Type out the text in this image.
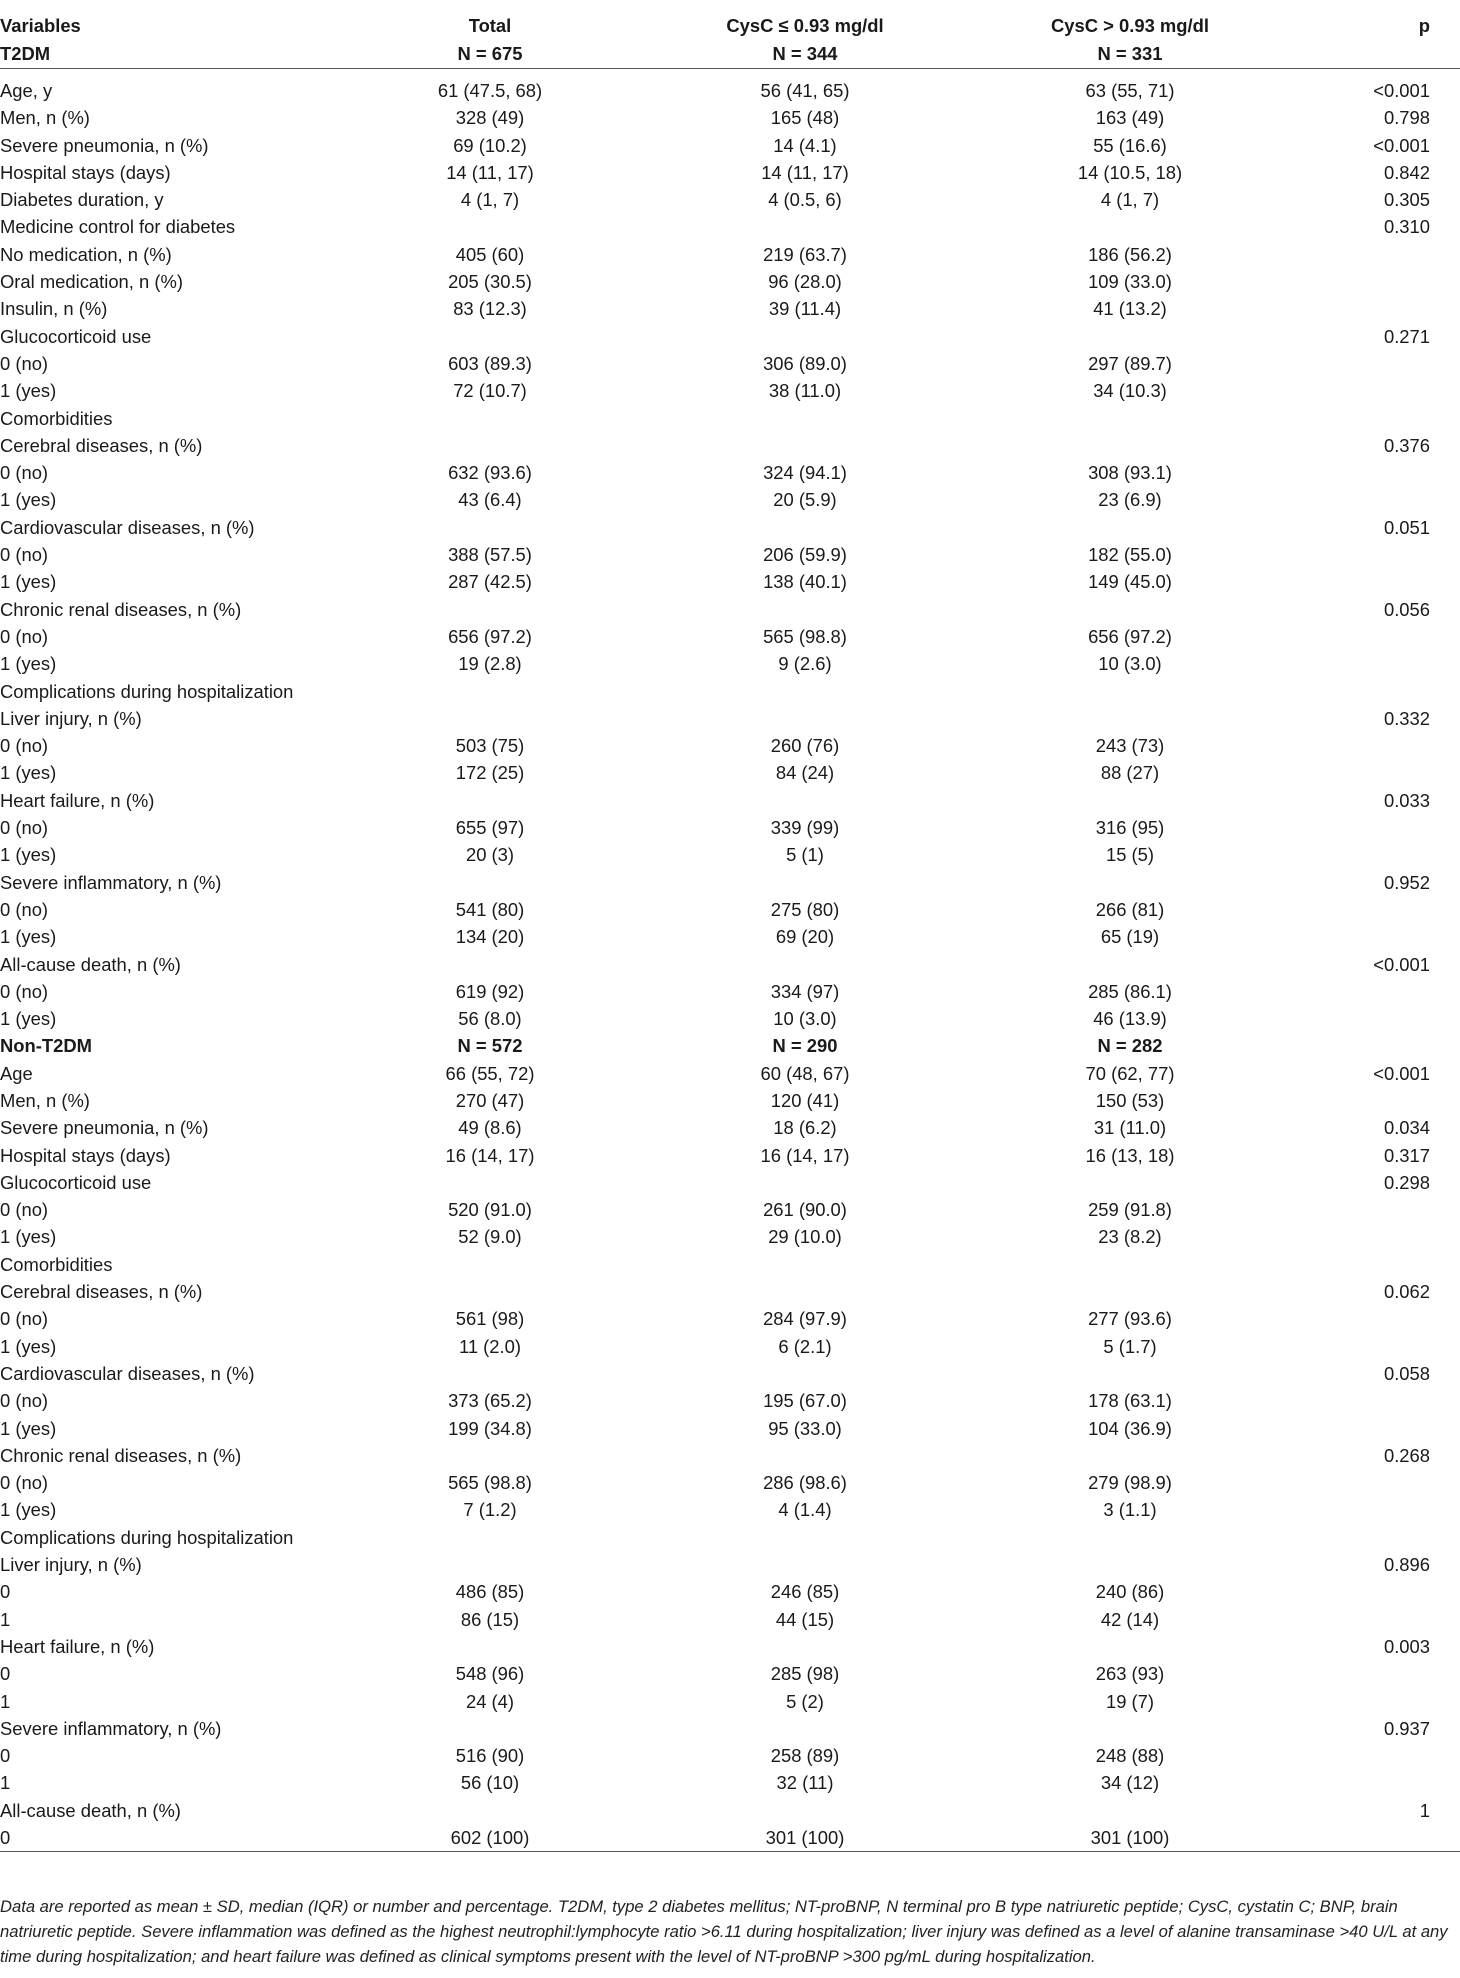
Variables	Total	CysC ≤ 0.93 mg/dl	CysC > 0.93 mg/dl	p
T2DM	N = 675	N = 344	N = 331	
Age, y	61 (47.5, 68)	56 (41, 65)	63 (55, 71)	<0.001
Men, n (%)	328 (49)	165 (48)	163 (49)	0.798
Severe pneumonia, n (%)	69 (10.2)	14 (4.1)	55 (16.6)	<0.001
Hospital stays (days)	14 (11, 17)	14 (11, 17)	14 (10.5, 18)	0.842
Diabetes duration, y	4 (1, 7)	4 (0.5, 6)	4 (1, 7)	0.305
Medicine control for diabetes				0.310
No medication, n (%)	405 (60)	219 (63.7)	186 (56.2)	
Oral medication, n (%)	205 (30.5)	96 (28.0)	109 (33.0)	
Insulin, n (%)	83 (12.3)	39 (11.4)	41 (13.2)	
Glucocorticoid use				0.271
0 (no)	603 (89.3)	306 (89.0)	297 (89.7)	
1 (yes)	72 (10.7)	38 (11.0)	34 (10.3)	
Comorbidities				
Cerebral diseases, n (%)				0.376
0 (no)	632 (93.6)	324 (94.1)	308 (93.1)	
1 (yes)	43 (6.4)	20 (5.9)	23 (6.9)	
Cardiovascular diseases, n (%)				0.051
0 (no)	388 (57.5)	206 (59.9)	182 (55.0)	
1 (yes)	287 (42.5)	138 (40.1)	149 (45.0)	
Chronic renal diseases, n (%)				0.056
0 (no)	656 (97.2)	565 (98.8)	656 (97.2)	
1 (yes)	19 (2.8)	9 (2.6)	10 (3.0)	
Complications during hospitalization				
Liver injury, n (%)				0.332
0 (no)	503 (75)	260 (76)	243 (73)	
1 (yes)	172 (25)	84 (24)	88 (27)	
Heart failure, n (%)				0.033
0 (no)	655 (97)	339 (99)	316 (95)	
1 (yes)	20 (3)	5 (1)	15 (5)	
Severe inflammatory, n (%)				0.952
0 (no)	541 (80)	275 (80)	266 (81)	
1 (yes)	134 (20)	69 (20)	65 (19)	
All-cause death, n (%)				<0.001
0 (no)	619 (92)	334 (97)	285 (86.1)	
1 (yes)	56 (8.0)	10 (3.0)	46 (13.9)	
Non-T2DM	N = 572	N = 290	N = 282	
Age	66 (55, 72)	60 (48, 67)	70 (62, 77)	<0.001
Men, n (%)	270 (47)	120 (41)	150 (53)	
Severe pneumonia, n (%)	49 (8.6)	18 (6.2)	31 (11.0)	0.034
Hospital stays (days)	16 (14, 17)	16 (14, 17)	16 (13, 18)	0.317
Glucocorticoid use				0.298
0 (no)	520 (91.0)	261 (90.0)	259 (91.8)	
1 (yes)	52 (9.0)	29 (10.0)	23 (8.2)	
Comorbidities				
Cerebral diseases, n (%)				0.062
0 (no)	561 (98)	284 (97.9)	277 (93.6)	
1 (yes)	11 (2.0)	6 (2.1)	5 (1.7)	
Cardiovascular diseases, n (%)				0.058
0 (no)	373 (65.2)	195 (67.0)	178 (63.1)	
1 (yes)	199 (34.8)	95 (33.0)	104 (36.9)	
Chronic renal diseases, n (%)				0.268
0 (no)	565 (98.8)	286 (98.6)	279 (98.9)	
1 (yes)	7 (1.2)	4 (1.4)	3 (1.1)	
Complications during hospitalization				
Liver injury, n (%)				0.896
0	486 (85)	246 (85)	240 (86)	
1	86 (15)	44 (15)	42 (14)	
Heart failure, n (%)				0.003
0	548 (96)	285 (98)	263 (93)	
1	24 (4)	5 (2)	19 (7)	
Severe inflammatory, n (%)				0.937
0	516 (90)	258 (89)	248 (88)	
1	56 (10)	32 (11)	34 (12)	
All-cause death, n (%)				1
0	602 (100)	301 (100)	301 (100)	
Data are reported as mean ± SD, median (IQR) or number and percentage. T2DM, type 2 diabetes mellitus; NT-proBNP, N terminal pro B type natriuretic peptide; CysC, cystatin C; BNP, brain natriuretic peptide. Severe inflammation was defined as the highest neutrophil:lymphocyte ratio >6.11 during hospitalization; liver injury was defined as a level of alanine transaminase >40 U/L at any time during hospitalization; and heart failure was defined as clinical symptoms present with the level of NT-proBNP >300 pg/mL during hospitalization.
